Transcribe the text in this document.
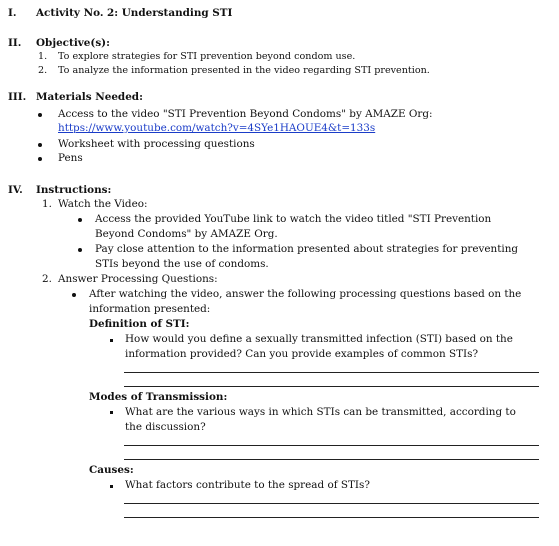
I. Activity No. 2: Understanding STI
II. Objective(s):
1. To explore strategies for STI prevention beyond condom use.
2. To analyze the information presented in the video regarding STI prevention.
III. Materials Needed:
Access to the video "STI Prevention Beyond Condoms" by AMAZE Org:
https://www.youtube.com/watch?v=4SYe1HAOUE4&t=133s
Worksheet with processing questions
Pens
IV. Instructions:
1. Watch the Video:
Access the provided YouTube link to watch the video titled "STI Prevention
Beyond Condoms" by AMAZE Org.
Pay close attention to the information presented about strategies for preventing
STIs beyond the use of condoms.
2. Answer Processing Questions:
After watching the video, answer the following processing questions based on the
information presented:
Definition of STI:
How would you define a sexually transmitted infection (STI) based on the
information provided? Can you provide examples of common STIs?
Modes of Transmission:
What are the various ways in which STIs can be transmitted, according to
the discussion?
Causes:
What factors contribute to the spread of STIs?
